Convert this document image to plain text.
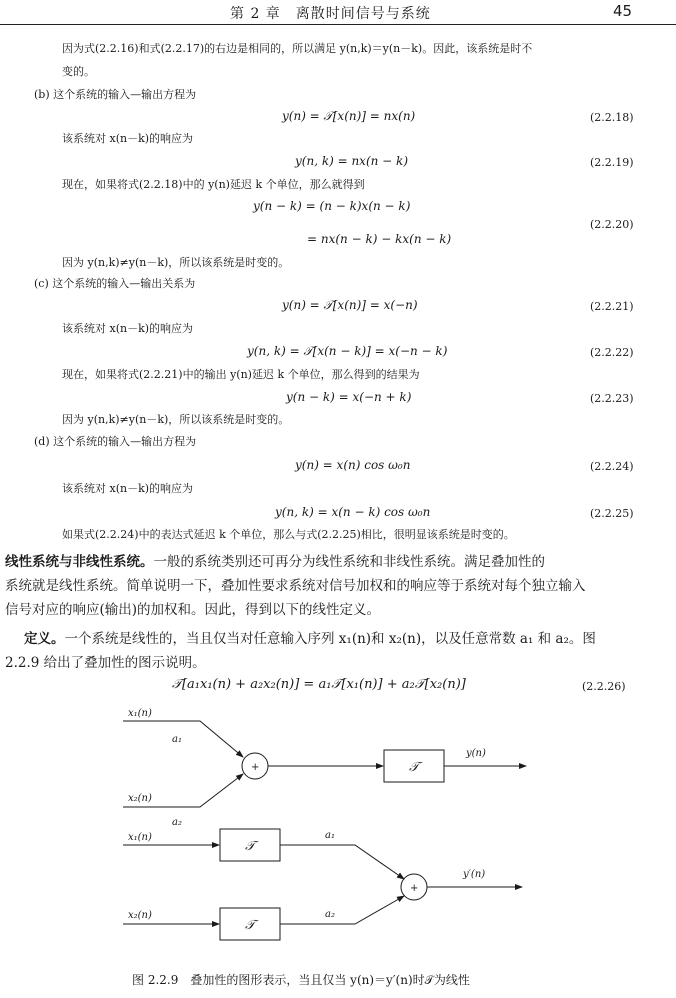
第 2 章　离散时间信号与系统	45
因为式(2.2.16)和式(2.2.17)的右边是相同的，所以满足 y(n,k)＝y(n－k)。因此，该系统是时不
变的。
(b) 这个系统的输入—输出方程为
y(n) = 𝒯[x(n)] = nx(n)	(2.2.18)
该系统对 x(n－k)的响应为
y(n, k) = nx(n − k)	(2.2.19)
现在，如果将式(2.2.18)中的 y(n)延迟 k 个单位，那么就得到
y(n − k) = (n − k)x(n − k)
(2.2.20)
= nx(n − k) − kx(n − k)
因为 y(n,k)≠y(n－k)，所以该系统是时变的。
(c) 这个系统的输入—输出关系为
y(n) = 𝒯[x(n)] = x(−n)	(2.2.21)
该系统对 x(n－k)的响应为
y(n, k) = 𝒯[x(n − k)] = x(−n − k)	(2.2.22)
现在，如果将式(2.2.21)中的输出 y(n)延迟 k 个单位，那么得到的结果为
y(n − k) = x(−n + k)	(2.2.23)
因为 y(n,k)≠y(n－k)，所以该系统是时变的。
(d) 这个系统的输入—输出方程为
y(n) = x(n) cos ω₀n	(2.2.24)
该系统对 x(n－k)的响应为
y(n, k) = x(n − k) cos ω₀n	(2.2.25)
如果式(2.2.24)中的表达式延迟 k 个单位，那么与式(2.2.25)相比，很明显该系统是时变的。
线性系统与非线性系统。一般的系统类别还可再分为线性系统和非线性系统。满足叠加性的
系统就是线性系统。简单说明一下，叠加性要求系统对信号加权和的响应等于系统对每个独立输入
信号对应的响应(输出)的加权和。因此，得到以下的线性定义。
定义。一个系统是线性的，当且仅当对任意输入序列 x₁(n)和 x₂(n)，以及任意常数 a₁ 和 a₂。图
2.2.9 给出了叠加性的图示说明。
𝒯[a₁x₁(n) + a₂x₂(n)] = a₁𝒯[x₁(n)] + a₂𝒯[x₂(n)]	(2.2.26)
x₁(n)
a₁
x₂(n)
a₂
+	𝒯
y(n)
x₁(n)
𝒯
a₁
x₂(n)
𝒯
a₂
+
y′(n)
图 2.2.9　叠加性的图形表示，当且仅当 y(n)＝y′(n)时𝒯为线性
